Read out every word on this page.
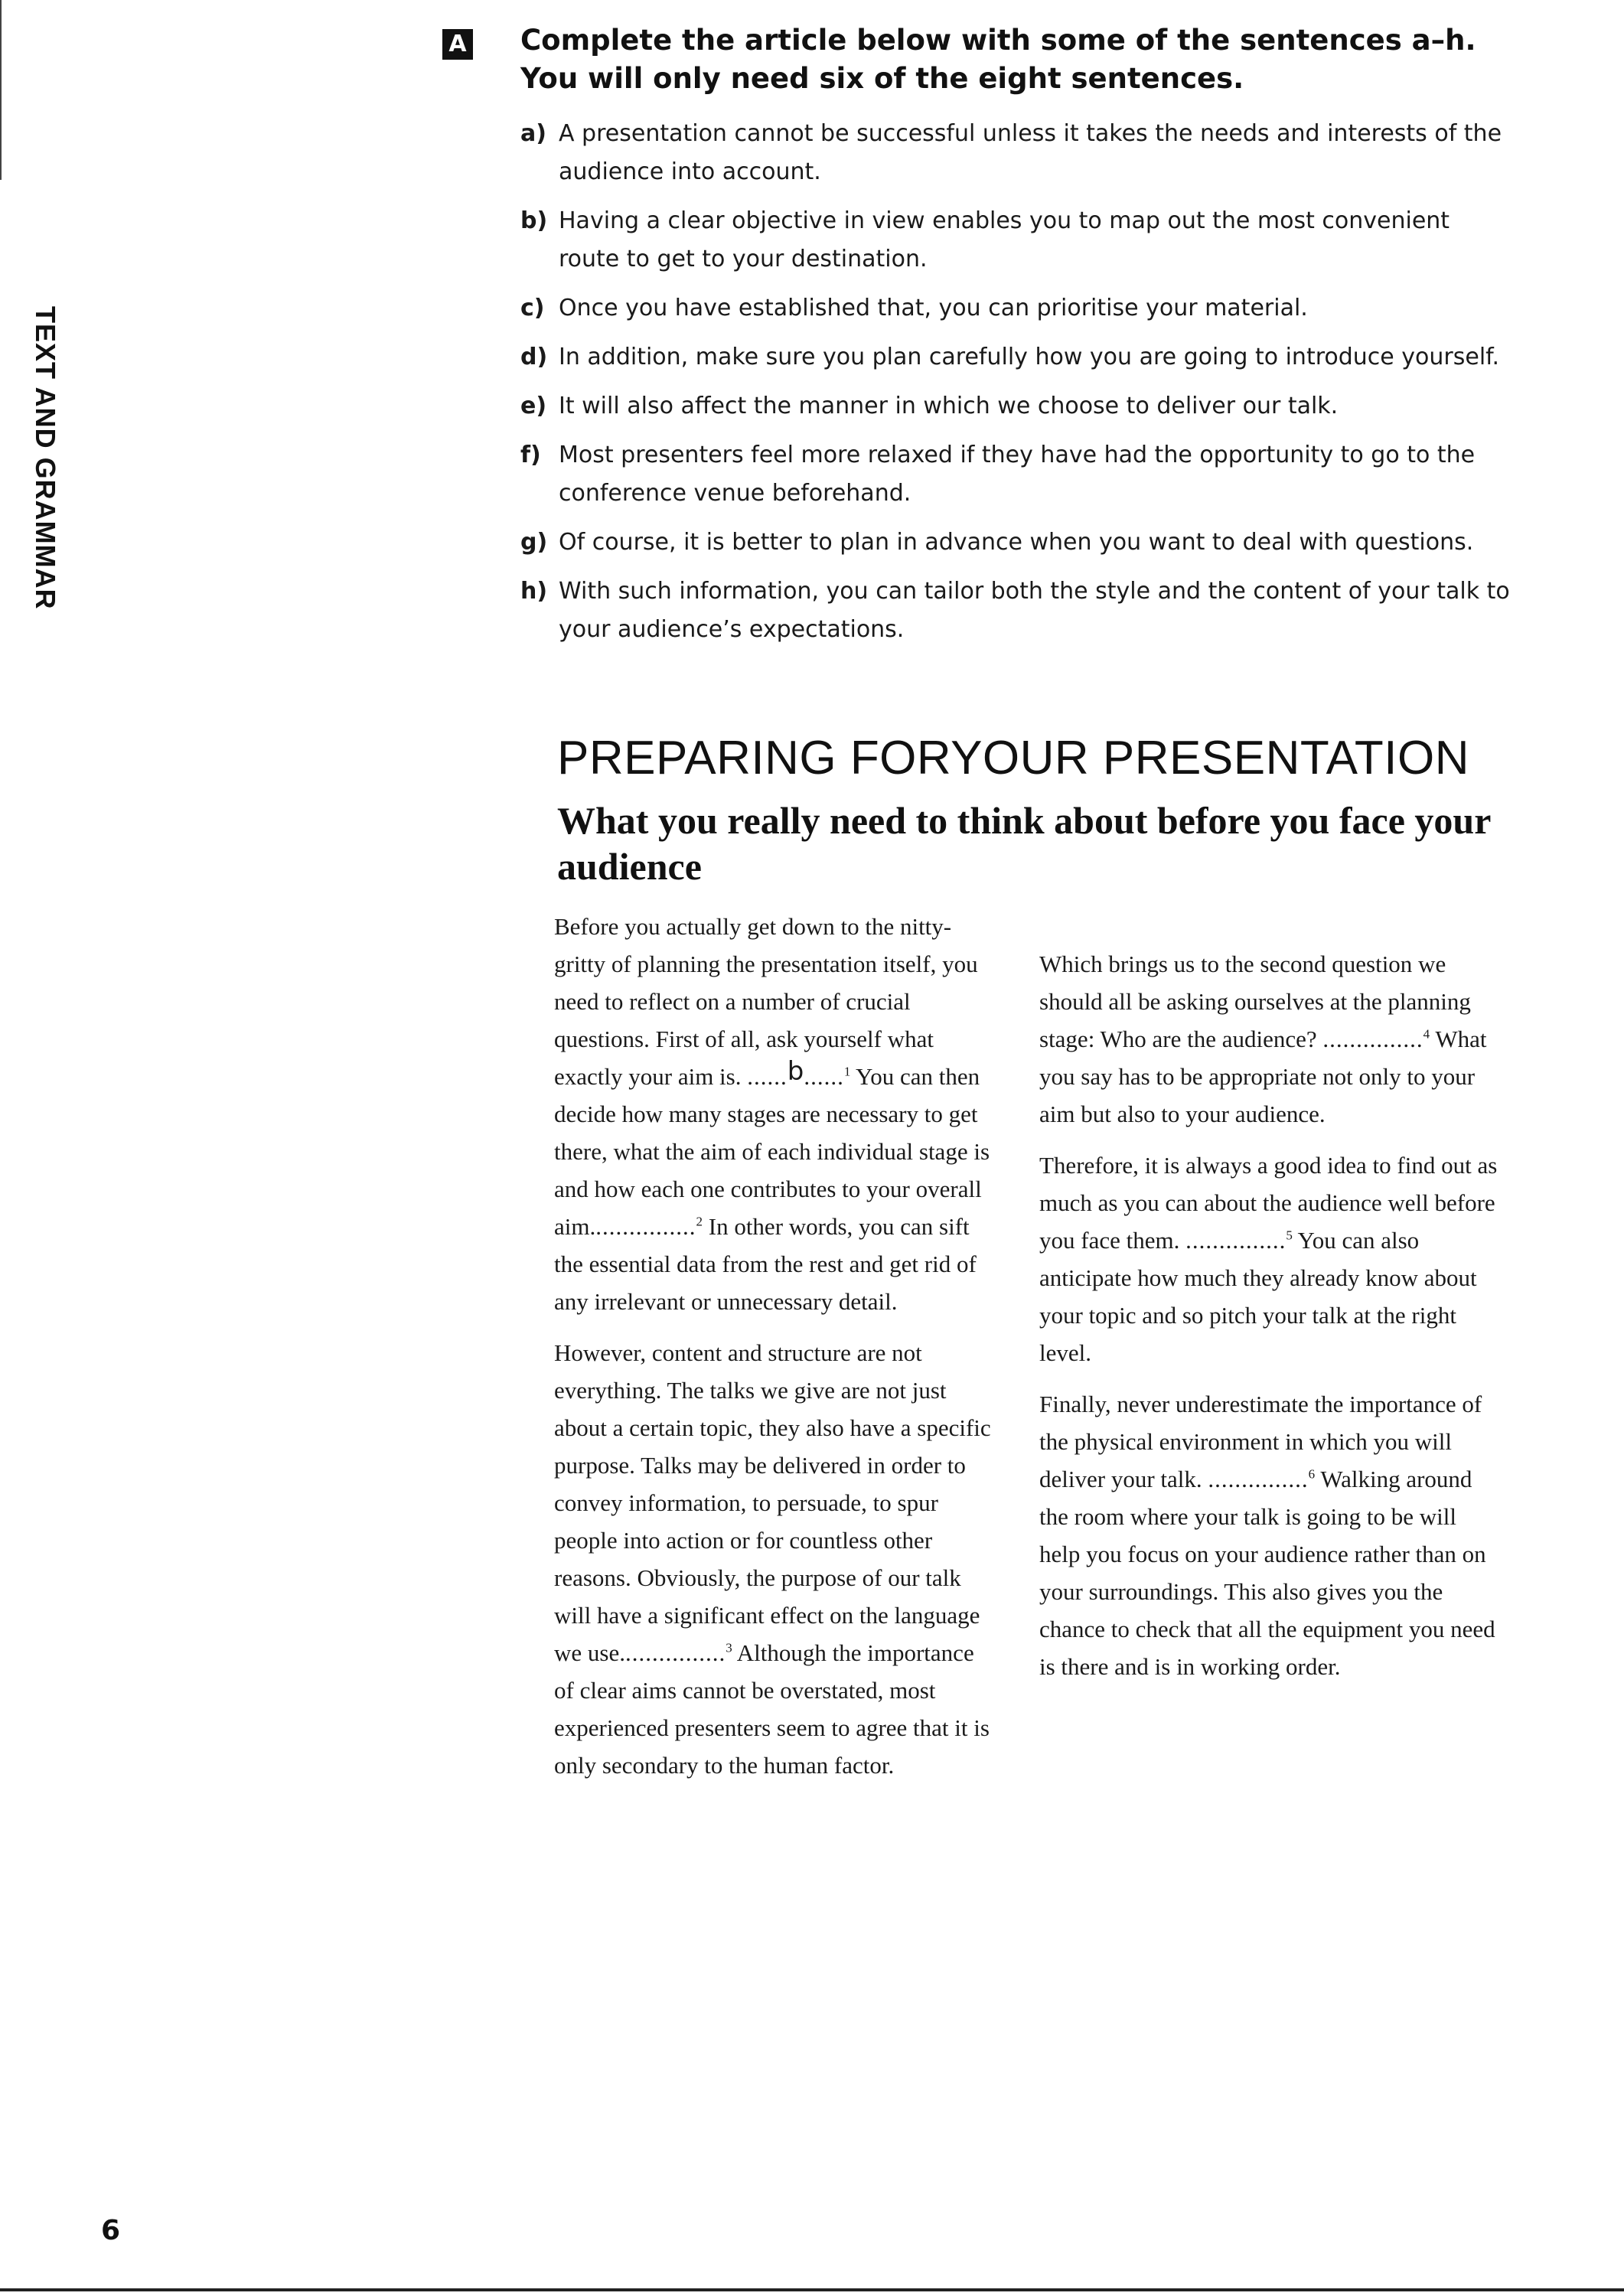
TEXT AND GRAMMAR
A Complete the article below with some of the sentences a–h. You will only need six of the eight sentences.
a) A presentation cannot be successful unless it takes the needs and interests of the audience into account.
b) Having a clear objective in view enables you to map out the most convenient route to get to your destination.
c) Once you have established that, you can prioritise your material.
d) In addition, make sure you plan carefully how you are going to introduce yourself.
e) It will also affect the manner in which we choose to deliver our talk.
f) Most presenters feel more relaxed if they have had the opportunity to go to the conference venue beforehand.
g) Of course, it is better to plan in advance when you want to deal with questions.
h) With such information, you can tailor both the style and the content of your talk to your audience’s expectations.
PREPARING FORYOUR PRESENTATION
What you really need to think about before you face your audience

Before you actually get down to the nitty-gritty of planning the presentation itself, you need to reflect on a number of crucial questions. First of all, ask yourself what exactly your aim is. ......b......$^1$ You can then decide how many stages are necessary to get there, what the aim of each individual stage is and how each one contributes to your overall aim................$^2$ In other words, you can sift the essential data from the rest and get rid of any irrelevant or unnecessary detail.

However, content and structure are not everything. The talks we give are not just about a certain topic, they also have a specific purpose. Talks may be delivered in order to convey information, to persuade, to spur people into action or for countless other reasons. Obviously, the purpose of our talk will have a significant effect on the language we use................$^3$ Although the importance of clear aims cannot be overstated, most experienced presenters seem to agree that it is only secondary to the human factor.

Which brings us to the second question we should all be asking ourselves at the planning stage: Who are the audience? ...............$^4$ What you say has to be appropriate not only to your aim but also to your audience.

Therefore, it is always a good idea to find out as much as you can about the audience well before you face them. ...............$^5$ You can also anticipate how much they already know about your topic and so pitch your talk at the right level.

Finally, never underestimate the importance of the physical environment in which you will deliver your talk. ...............$^6$ Walking around the room where your talk is going to be will help you focus on your audience rather than on your surroundings. This also gives you the chance to check that all the equipment you need is there and is in working order.

6
